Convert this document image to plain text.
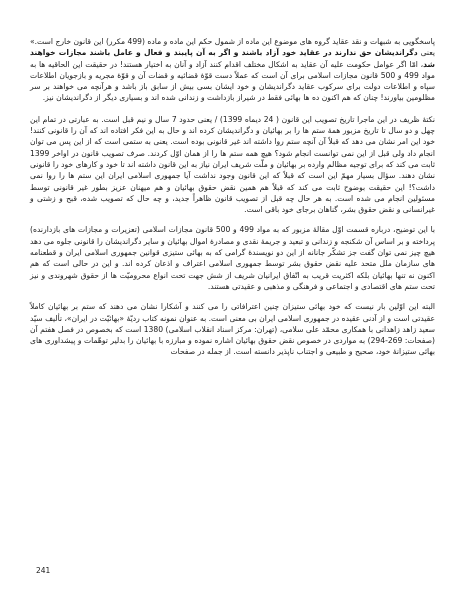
پاسخگویی به شبهات و نقد عقاید گروه های موضوع این ماده از شمول حکم این ماده و ماده (499 مکرر) این قانون خارج است.» یعنی دگراندیشان حق ندارند در عقاید خود آزاد باشند و اگر به آن پایبند و فعال و عامل باشند مجازات خواهند شد، امّا اگر عوامل حکومت علیه آن عقاید به اشکال مختلف اقدام کنند آزاد و آنان به اختیار هستند! در حقیقت این الحاقیه ها به مواد 499 و 500 قانون مجازات اسلامی برای آن است که عملاً دست قوّۀ قضائیه و قضات آن و قوّۀ مجریه و بازجویان اطلاعات سپاه و اطلاعات دولت برای سرکوب عقاید دگراندیشان و خود ایشان بسی بیش از سابق باز باشد و هرآنچه می خواهند بر سر مظلومین بیاورند! چنان که هم اکنون ده ها بهائی فقط در شیراز بازداشت و زندانی شده اند و بسیاری دیگر از دگراندیشان نیز.

نکتۀ ظریف در این ماجرا تاریخ تصویب این قانون ( 24 دیماه 1399) / یعنی حدود 7 سال و نیم قبل است. به عبارتی در تمام این چهل و دو سال تا تاریخ مزبور همۀ ستم ها را بر بهائیان و دگراندیشان کرده اند و حال به این فکر افتاده اند که آن را قانونی کنند! خود این امر نشان می دهد که قبلاً آن آنچه ستم روا داشته اند غیر قانونی بوده است. یعنی به ستمی است که از این پس می توان انجام داد ولی قبل از این نمی توانست انجام شود؟ هیچ همه ستم ها را از همان اوّل کردند. صرف تصویب قانون در اواخر 1399 ثابت می کند که برای توجیه مظالم وارده بر بهائیان و ملّت شریف ایران نیاز به این قانون داشته اند تا خود و کارهای خود را قانونی نشان دهند. سؤال بسیار مهمّ این است که قبلاً که این قانون وجود نداشت آیا جمهوری اسلامی ایران این ستم ها را روا نمی داشت؟! این حقیقت بوضوح ثابت می کند که قبلاً هم همین نقض حقوق بهائیان و هم میهنان عزیز بطور غیر قانونی توسط مسئولین انجام می شده است. به هر حال چه قبل از تصویب قانون ظاهراً جدید، و چه حال که تصویب شده، قبح و زشتی و غیرانسانی و نقض حقوق بشر، گناهان برجای خود باقی است.

با این توضیح، درباره قسمت اوّل مقالۀ مزبور که به مواد 499 و 500 قانون مجازات اسلامی (تعزیرات و مجازات های بازدارنده) پرداخته و بر اساس آن شکنجه و زندانی و تبعید و جریمۀ نقدی و مصادرۀ اموال بهائیان و سایر دگراندیشان را قانونی جلوه می دهد هیچ چیز نمی توان گفت جز تشکّر جانانه از این دو نویسندۀ گرامی که به بهائی ستیزی قوانین جمهوری اسلامی ایران و قطعنامه های سازمان ملل متحد علیه نقض حقوق بشر توسط جمهوری اسلامی اعتراف و اذعان کرده اند. و این در حالی است که هم اکنون نه تنها بهائیان بلکه اکثریت قریب به اتّفاق ایرانیان شریف از شش جهت تحت انواع محرومیّت ها از حقوق شهروندی و نیز تحت ستم های اقتصادی و اجتماعی و فرهنگی و مذهبی و عقیدتی هستند.

البته این اوّلین بار نیست که خود بهائی ستیزان چنین اعترافاتی را می کنند و آشکارا نشان می دهند که ستم بر بهائیان کاملاً عقیدتی است و از آدنی عقیده در جمهوری اسلامی ایران بی معنی است. به عنوان نمونه کتاب ردیّۀ «بهائیّت در ایران»، تألیف سیّد سعید زاهد زاهدانی با همکاری محمّد علی سلامی، (تهران: مرکز اسناد انقلاب اسلامی) 1380 است که بخصوص در فصل هفتم آن (صفحات: 269-294) به مواردی در خصوص نقض حقوق بهائیان اشاره نموده و مبارزه با بهائیان را بدلیر توهّمات و پیشداوری های بهائی ستیزانۀ خود، صحیح و طبیعی و اجتناب ناپذیر دانسته است. از جمله در صفحات

241
